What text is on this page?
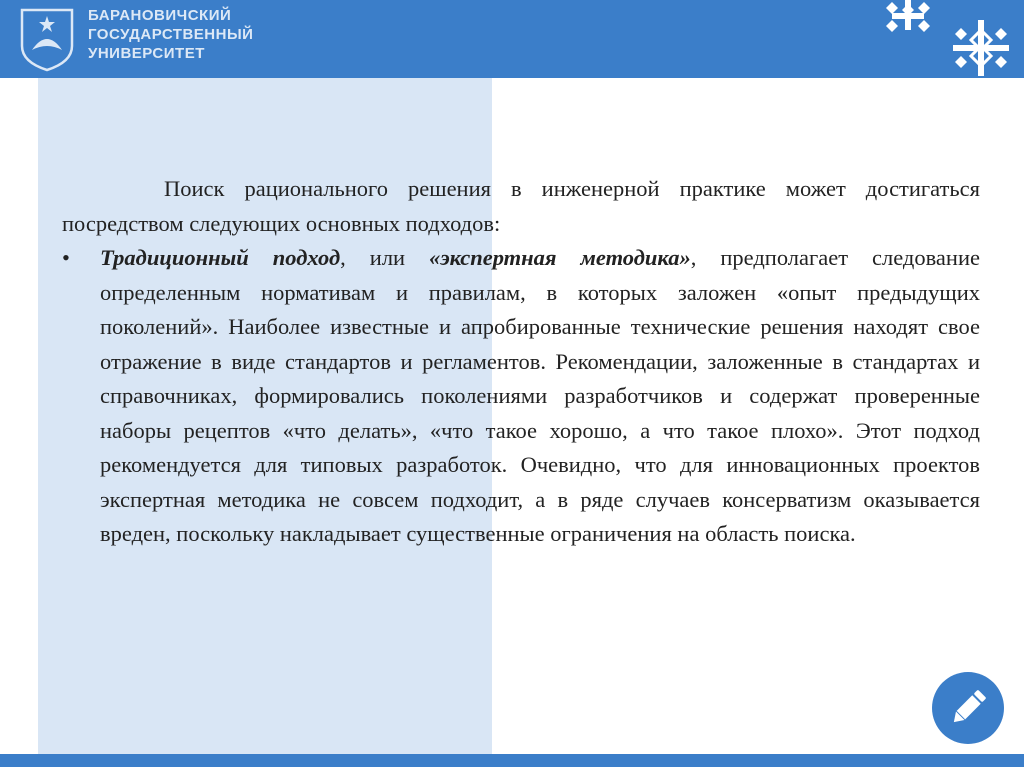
БАРАНОВИЧСКИЙ
ГОСУДАРСТВЕННЫЙ
УНИВЕРСИТЕТ

Поиск рационального решения в инженерной практике может достигаться посредством следующих основных подходов:

• Традиционный подход, или «экспертная методика», предполагает следование определенным нормативам и правилам, в которых заложен «опыт предыдущих поколений». Наиболее известные и апробированные технические решения находят свое отражение в виде стандартов и регламентов. Рекомендации, заложенные в стандартах и справочниках, формировались поколениями разработчиков и содержат проверенные наборы рецептов «что делать», «что такое хорошо, а что такое плохо». Этот подход рекомендуется для типовых разработок. Очевидно, что для инновационных проектов экспертная методика не совсем подходит, а в ряде случаев консерватизм оказывается вреден, поскольку накладывает существенные ограничения на область поиска.
